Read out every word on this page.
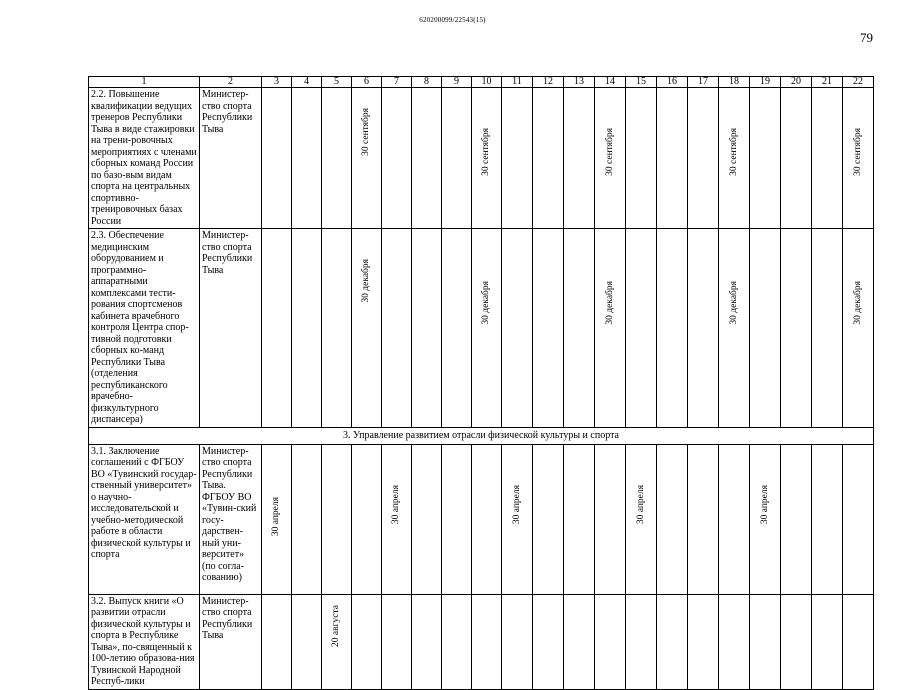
620200099/22543(15)
79
1	2	3	4	5	6	7	8	9	10	11	12	13	14	15	16	17	18	19	20	21	22
2.2. Повышение квалификации ведущих тренеров Республики Тыва в виде стажировки на трени-ровочных мероприятиях с членами сборных команд России по базо-вым видам спорта на центральных спортивно-тренировочных базах России	Министер-ство спорта Республики Тыва				30 сентября				30 сентября				30 сентября				30 сентября				30 сентября

2.3. Обеспечение медицинским оборудованием и программно-аппаратными комплексами тести-рования спортсменов кабинета врачебного контроля Центра спор-тивной подготовки сборных ко-манд Республики Тыва (отделения республиканского врачебно-физкультурного диспансера)	Министер-ство спорта Республики Тыва				30 декабря				30 декабря				30 декабря				30 декабря				30 декабря

3. Управление развитием отрасли физической культуры и спорта																					
3.1. Заключение соглашений с ФГБОУ ВО «Тувинский государ-ственный университет» о научно-исследовательской и учебно-методической работе в области физической культуры и спорта	Министер-ство спорта Республики Тыва. ФГБОУ ВО «Тувин-ский госу-дарствен-ный уни-верситет» (по согла-сованию)	30 апреля				30 апреля				30 апреля				30 апреля				30 апреля			

3.2. Выпуск книги «О развитии отрасли физической культуры и спорта в Республике Тыва», по-священный к 100-летию образова-ния Тувинской Народной Респуб-лики	Министер-ство спорта Республики Тыва			20 августа																	
